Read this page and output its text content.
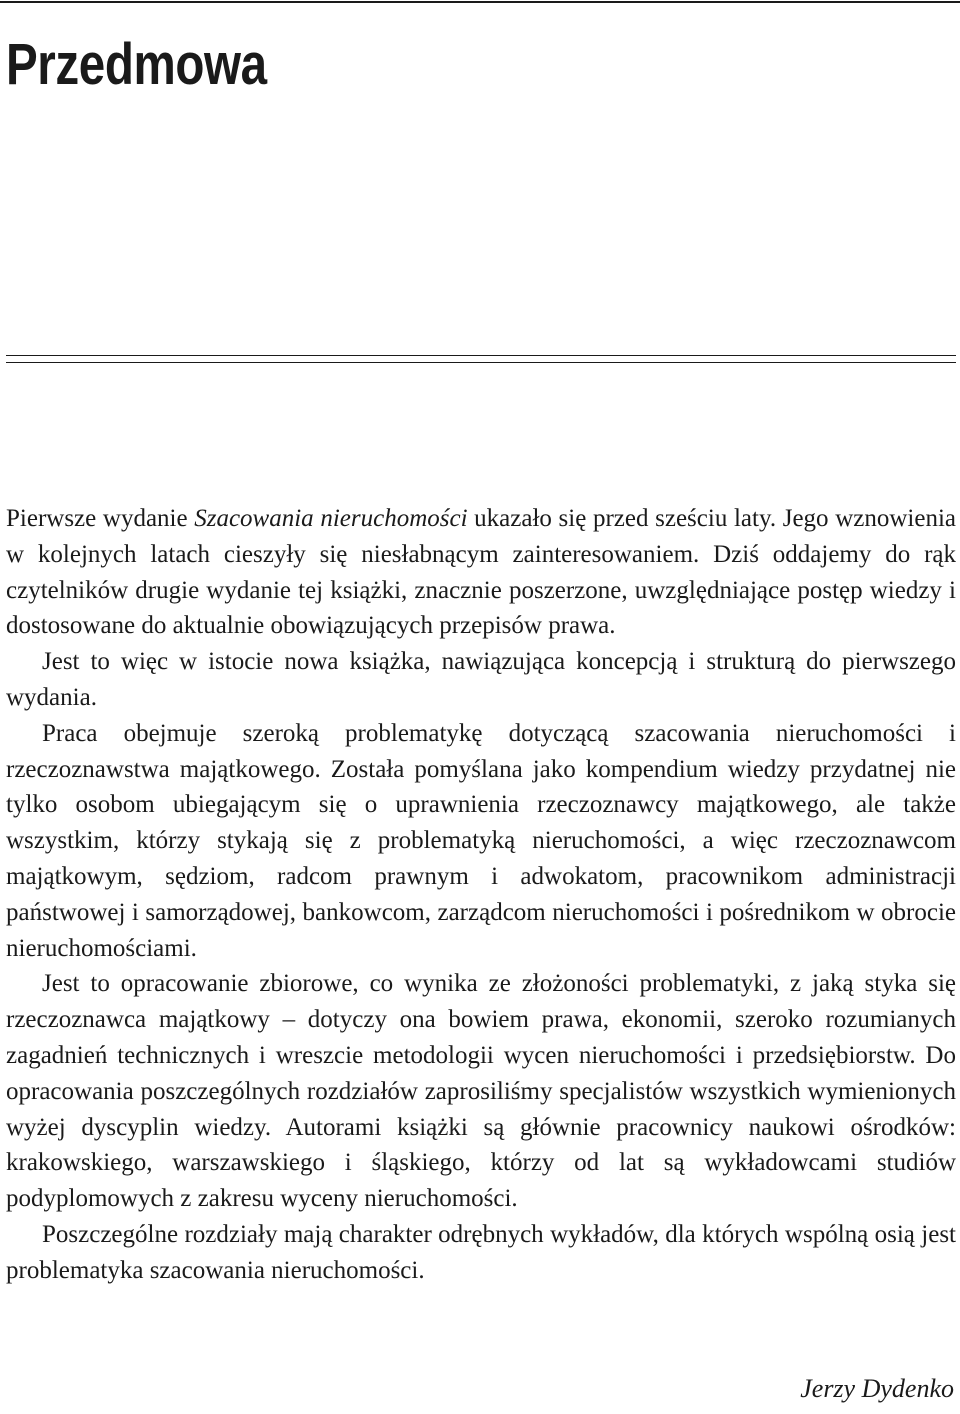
Przedmowa

Pierwsze wydanie Szacowania nieruchomości ukazało się przed sześciu laty. Jego wznowienia w kolejnych latach cieszyły się niesłabnącym zainteresowaniem. Dziś oddajemy do rąk czytelników drugie wydanie tej książki, znacznie poszerzone, uwzględniające postęp wiedzy i dostosowane do aktualnie obowiązujących przepisów prawa.

Jest to więc w istocie nowa książka, nawiązująca koncepcją i strukturą do pierwszego wydania.

Praca obejmuje szeroką problematykę dotyczącą szacowania nieruchomości i rzeczoznawstwa majątkowego. Została pomyślana jako kompendium wiedzy przydatnej nie tylko osobom ubiegającym się o uprawnienia rzeczoznawcy majątkowego, ale także wszystkim, którzy stykają się z problematyką nieruchomości, a więc rzeczoznawcom majątkowym, sędziom, radcom prawnym i adwokatom, pracownikom administracji państwowej i samorządowej, bankowcom, zarządcom nieruchomości i pośrednikom w obrocie nieruchomościami.

Jest to opracowanie zbiorowe, co wynika ze złożoności problematyki, z jaką styka się rzeczoznawca majątkowy – dotyczy ona bowiem prawa, ekonomii, szeroko rozumianych zagadnień technicznych i wreszcie metodologii wycen nieruchomości i przedsiębiorstw. Do opracowania poszczególnych rozdziałów zaprosiliśmy specjalistów wszystkich wymienionych wyżej dyscyplin wiedzy. Autorami książki są głównie pracownicy naukowi ośrodków: krakowskiego, warszawskiego i śląskiego, którzy od lat są wykładowcami studiów podyplomowych z zakresu wyceny nieruchomości.

Poszczególne rozdziały mają charakter odrębnych wykładów, dla których wspólną osią jest problematyka szacowania nieruchomości.

Jerzy Dydenko
